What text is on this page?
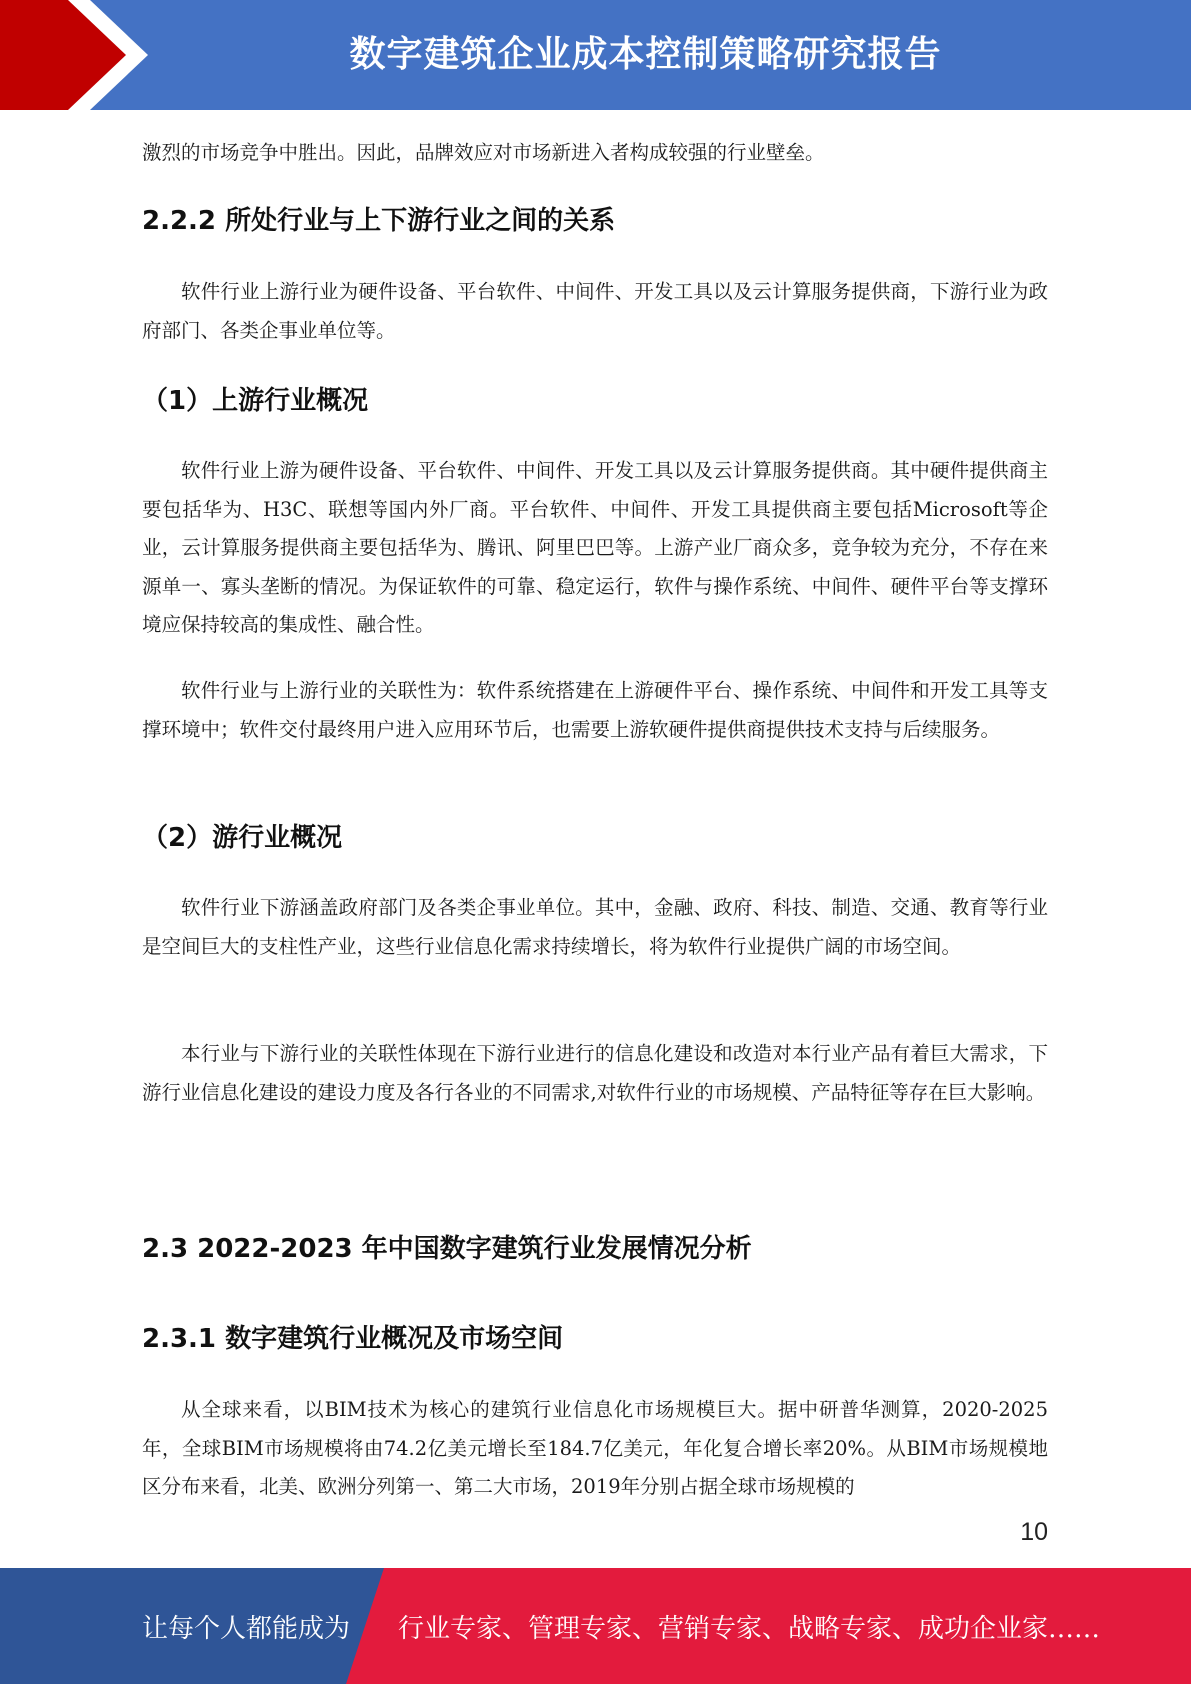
数字建筑企业成本控制策略研究报告

激烈的市场竞争中胜出。因此，品牌效应对市场新进入者构成较强的行业壁垒。

2.2.2 所处行业与上下游行业之间的关系

软件行业上游行业为硬件设备、平台软件、中间件、开发工具以及云计算服务提供商，下游行业为政府部门、各类企事业单位等。

（1）上游行业概况

软件行业上游为硬件设备、平台软件、中间件、开发工具以及云计算服务提供商。其中硬件提供商主要包括华为、H3C、联想等国内外厂商。平台软件、中间件、开发工具提供商主要包括Microsoft等企业，云计算服务提供商主要包括华为、腾讯、阿里巴巴等。上游产业厂商众多，竞争较为充分，不存在来源单一、寡头垄断的情况。为保证软件的可靠、稳定运行，软件与操作系统、中间件、硬件平台等支撑环境应保持较高的集成性、融合性。

软件行业与上游行业的关联性为：软件系统搭建在上游硬件平台、操作系统、中间件和开发工具等支撑环境中；软件交付最终用户进入应用环节后，也需要上游软硬件提供商提供技术支持与后续服务。

（2）游行业概况

软件行业下游涵盖政府部门及各类企事业单位。其中，金融、政府、科技、制造、交通、教育等行业是空间巨大的支柱性产业，这些行业信息化需求持续增长，将为软件行业提供广阔的市场空间。

本行业与下游行业的关联性体现在下游行业进行的信息化建设和改造对本行业产品有着巨大需求，下游行业信息化建设的建设力度及各行各业的不同需求,对软件行业的市场规模、产品特征等存在巨大影响。

2.3 2022-2023 年中国数字建筑行业发展情况分析
2.3.1 数字建筑行业概况及市场空间

从全球来看，以BIM技术为核心的建筑行业信息化市场规模巨大。据中研普华测算，2020-2025年，全球BIM市场规模将由74.2亿美元增长至184.7亿美元，年化复合增长率20%。从BIM市场规模地区分布来看，北美、欧洲分列第一、第二大市场，2019年分别占据全球市场规模的

10
让每个人都能成为 行业专家、管理专家、营销专家、战略专家、成功企业家……
